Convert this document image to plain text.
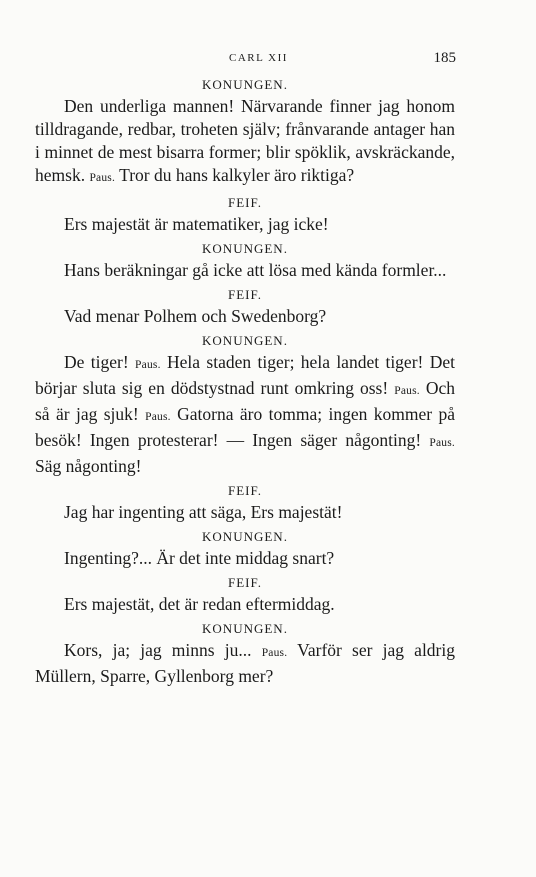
CARL XII	185
KONUNGEN.

Den underliga mannen! Närvarande finner jag honom tilldragande, redbar, troheten själv; frånvarande antager han i minnet de mest bisarra former; blir spöklik, avskräckande, hemsk. Paus. Tror du hans kalkyler äro riktiga?

FEIF.

Ers majestät är matematiker, jag icke!

KONUNGEN.

Hans beräkningar gå icke att lösa med kända formler...

FEIF.

Vad menar Polhem och Swedenborg?

KONUNGEN.

De tiger! Paus. Hela staden tiger; hela landet tiger! Det börjar sluta sig en dödstystnad runt omkring oss! Paus. Och så är jag sjuk! Paus. Gatorna äro tomma; ingen kommer på besök! Ingen protesterar! — Ingen säger någonting! Paus. Säg någonting!

FEIF.

Jag har ingenting att säga, Ers majestät!

KONUNGEN.

Ingenting?... Är det inte middag snart?

FEIF.

Ers majestät, det är redan eftermiddag.

KONUNGEN.

Kors, ja; jag minns ju... Paus. Varför ser jag aldrig Müllern, Sparre, Gyllenborg mer?
